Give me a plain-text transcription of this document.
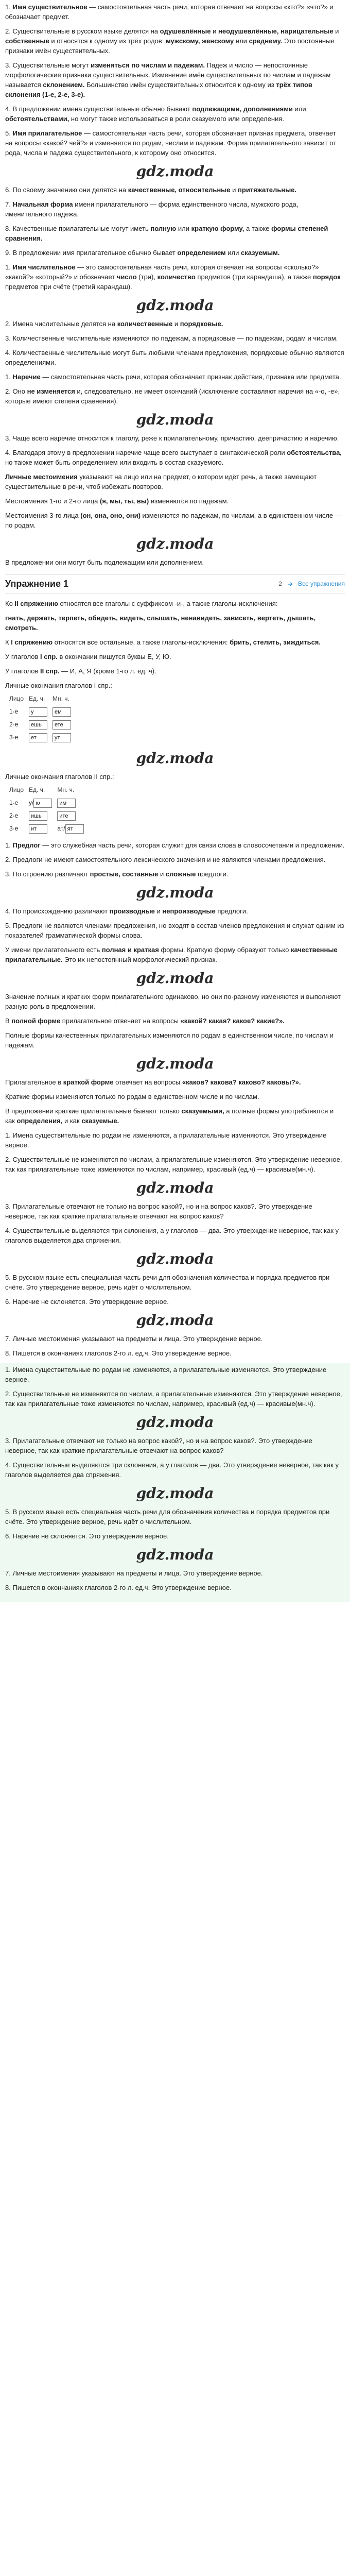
1. Имя существительное — самостоятельная часть речи, которая отвечает на вопросы «кто?» «что?» и обозначает предмет.

2. Существительные в русском языке делятся на одушевлённые и неодушевлённые, нарицательные и собственные и относятся к одному из трёх родов: мужскому, женскому или среднему. Это постоянные признаки имён существительных.

3. Существительные могут изменяться по числам и падежам. Падеж и число — непостоянные морфологические признаки существительных. Изменение имён существительных по числам и падежам называется склонением. Большинство имён существительных относится к одному из трёх типов склонения (1-е, 2-е, 3-е).

4. В предложении имена существительные обычно бывают подлежащими, дополнениями или обстоятельствами, но могут также использоваться в роли сказуемого или определения.

5. Имя прилагательное — самостоятельная часть речи, которая обозначает признак предмета, отвечает на вопросы «какой? чей?» и изменяется по родам, числам и падежам. Форма прилагательного зависит от рода, числа и падежа существительного, к которому оно относится.

gdz.moda

6. По своему значению они делятся на качественные, относительные и притяжательные.

7. Начальная форма имени прилагательного — форма единственного числа, мужского рода, именительного падежа.

8. Качественные прилагательные могут иметь полную или краткую форму, а также формы степеней сравнения.

9. В предложении имя прилагательное обычно бывает определением или сказуемым.

1. Имя числительное — это самостоятельная часть речи, которая отвечает на вопросы «сколько?» «какой?» «который?» и обозначает число (три), количество предметов (три карандаша), а также порядок предметов при счёте (третий карандаш).

gdz.moda

2. Имена числительные делятся на количественные и порядковые.

3. Количественные числительные изменяются по падежам, а порядковые — по падежам, родам и числам.

4. Количественные числительные могут быть любыми членами предложения, порядковые обычно являются определениями.

1. Наречие — самостоятельная часть речи, которая обозначает признак действия, признака или предмета.

2. Оно не изменяется и, следовательно, не имеет окончаний (исключение составляют наречия на «-о, -е», которые имеют степени сравнения).

gdz.moda

3. Чаще всего наречие относится к глаголу, реже к прилагательному, причастию, деепричастию и наречию.

4. Благодаря этому в предложении наречие чаще всего выступает в синтаксической роли обстоятельства, но также может быть определением или входить в состав сказуемого.

Личные местоимения указывают на лицо или на предмет, о котором идёт речь, а также замещают существительные в речи, чтоб избежать повторов.

Местоимения 1-го и 2-го лица (я, мы, ты, вы) изменяются по падежам.

Местоимения 3-го лица (он, она, оно, они) изменяются по падежам, по числам, а в единственном числе — по родам.

gdz.moda

В предложении они могут быть подлежащим или дополнением.

Упражнение 1	2 ➜ Все упражнения

Ко II спряжению относятся все глаголы с суффиксом -и-, а также глаголы-исключения:

гнать, держать, терпеть, обидеть, видеть, слышать, ненавидеть, зависеть, вертеть, дышать, смотреть.

К I спряжению относятся все остальные, а также глаголы-исключения: брить, стелить, зиждиться.

У глаголов I спр. в окончании пишутся буквы Е, У, Ю.

У глаголов II спр. — И, А, Я (кроме 1-го л. ед. ч).

Личные окончания глаголов I спр.:
Лицо	Ед. ч.	Мн. ч.
1-е	у	ем
2-е	ешь	ете
3-е	ет	ут
gdz.moda
Личные окончания глаголов II спр.:
Лицо	Ед. ч.	Мн. ч.
1-е	у/ ю	им
2-е	ишь	ите
3-е	ит	ат/ ят

1. Предлог — это служебная часть речи, которая служит для связи слова в словосочетании и предложении.

2. Предлоги не имеют самостоятельного лексического значения и не являются членами предложения.

3. По строению различают простые, составные и сложные предлоги.

gdz.moda

4. По происхождению различают производные и непроизводные предлоги.

5. Предлоги не являются членами предложения, но входят в состав членов предложения и служат одним из показателей грамматической формы слова.

У имени прилагательного есть полная и краткая формы. Краткую форму образуют только качественные прилагательные. Это их непостоянный морфологический признак.

gdz.moda

Значение полных и кратких форм прилагательного одинаково, но они по-разному изменяются и выполняют разную роль в предложении.

В полной форме прилагательное отвечает на вопросы «какой? какая? какое? какие?».

Полные формы качественных прилагательных изменяются по родам в единственном числе, по числам и падежам.

gdz.moda

Прилагательное в краткой форме отвечает на вопросы «каков? какова? каково? каковы?».

Краткие формы изменяются только по родам в единственном числе и по числам.

В предложении краткие прилагательные бывают только сказуемыми, а полные формы употребляются и как определения, и как сказуемые.

1. Имена существительные по родам не изменяются, а прилагательные изменяются. Это утверждение верное.

2. Существительные не изменяются по числам, а прилагательные изменяются. Это утверждение неверное, так как прилагательные тоже изменяются по числам, например, красивый (ед.ч) — красивые(мн.ч).

gdz.moda

3. Прилагательные отвечают не только на вопрос какой?, но и на вопрос каков?. Это утверждение неверное, так как краткие прилагательные отвечают на вопрос каков?

4. Существительные выделяются три склонения, а у глаголов — два. Это утверждение неверное, так как у глаголов выделяется два спряжения.

gdz.moda

5. В русском языке есть специальная часть речи для обозначения количества и порядка предметов при счёте. Это утверждение верное, речь идёт о числительном.

6. Наречие не склоняется. Это утверждение верное.

gdz.moda

7. Личные местоимения указывают на предметы и лица. Это утверждение верное.

8. Пишется в окончаниях глаголов 2-го л. ед.ч. Это утверждение верное.

1. Имена существительные по родам не изменяются, а прилагательные изменяются. Это утверждение верное.

2. Существительные не изменяются по числам, а прилагательные изменяются. Это утверждение неверное, так как прилагательные тоже изменяются по числам, например, красивый (ед.ч) — красивые(мн.ч).

gdz.moda

3. Прилагательные отвечают не только на вопрос какой?, но и на вопрос каков?. Это утверждение неверное, так как краткие прилагательные отвечают на вопрос каков?

4. Существительные выделяются три склонения, а у глаголов — два. Это утверждение неверное, так как у глаголов выделяется два спряжения.

gdz.moda

5. В русском языке есть специальная часть речи для обозначения количества и порядка предметов при счёте. Это утверждение верное, речь идёт о числительном.

6. Наречие не склоняется. Это утверждение верное.

gdz.moda

7. Личные местоимения указывают на предметы и лица. Это утверждение верное.

8. Пишется в окончаниях глаголов 2-го л. ед.ч. Это утверждение верное.
